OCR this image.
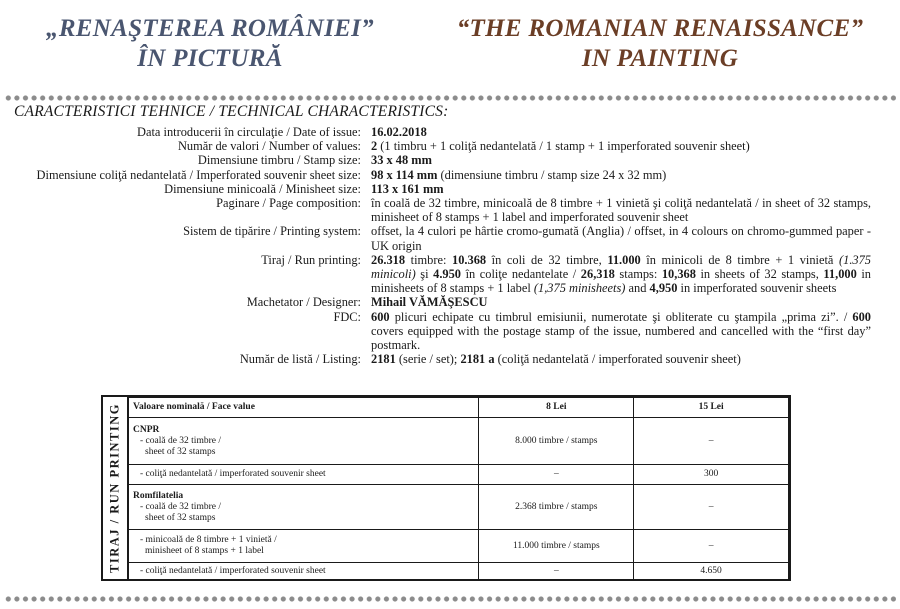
„RENAŞTEREA ROMÂNIEI”
ÎN PICTURĂ
“THE ROMANIAN RENAISSANCE”
IN PAINTING
CARACTERISTICI TEHNICE / TECHNICAL CHARACTERISTICS:
Data introducerii în circulaţie / Date of issue: 16.02.2018
Număr de valori / Number of values: 2 (1 timbru + 1 coliţă nedantelată / 1 stamp + 1 imperforated souvenir sheet)
Dimensiune timbru / Stamp size: 33 x 48 mm
Dimensiune coliţă nedantelată / Imperforated souvenir sheet size: 98 x 114 mm (dimensiune timbru / stamp size 24 x 32 mm)
Dimensiune minicoală / Minisheet size: 113 x 161 mm
Paginare / Page composition: în coală de 32 timbre, minicoală de 8 timbre + 1 vinietă şi coliţă nedantelată / in sheet of 32 stamps, minisheet of 8 stamps + 1 label and imperforated souvenir sheet
Sistem de tipărire / Printing system: offset, la 4 culori pe hârtie cromo-gumată (Anglia) / offset, in 4 colours on chromo-gummed paper - UK origin
Tiraj / Run printing: 26.318 timbre: 10.368 în coli de 32 timbre, 11.000 în minicoli de 8 timbre + 1 vinietă (1.375 minicoli) şi 4.950 în coliţe nedantelate / 26,318 stamps: 10,368 in sheets of 32 stamps, 11,000 in minisheets of 8 stamps + 1 label (1,375 minisheets) and 4,950 in imperforated souvenir sheets
Machetator / Designer: Mihail VĂMĂŞESCU
FDC: 600 plicuri echipate cu timbrul emisiunii, numerotate şi obliterate cu ştampila „prima zi”. / 600 covers equipped with the postage stamp of the issue, numbered and cancelled with the “first day” postmark.
Număr de listă / Listing: 2181 (serie / set); 2181 a (coliţă nedantelată / imperforated souvenir sheet)
TIRAJ / RUN PRINTING Valoare nominală / Face value	8 Lei	15 Lei

CNPR
- coală de 32 timbre /
sheet of 32 stamps	8.000 timbre / stamps	–

- coliţă nedantelată / imperforated souvenir sheet	–	300

Romfilatelia
- coală de 32 timbre /
sheet of 32 stamps	2.368 timbre / stamps	–

- minicoală de 8 timbre + 1 vinietă /
minisheet of 8 stamps + 1 label	11.000 timbre / stamps	–

- coliţă nedantelată / imperforated souvenir sheet	–	4.650
